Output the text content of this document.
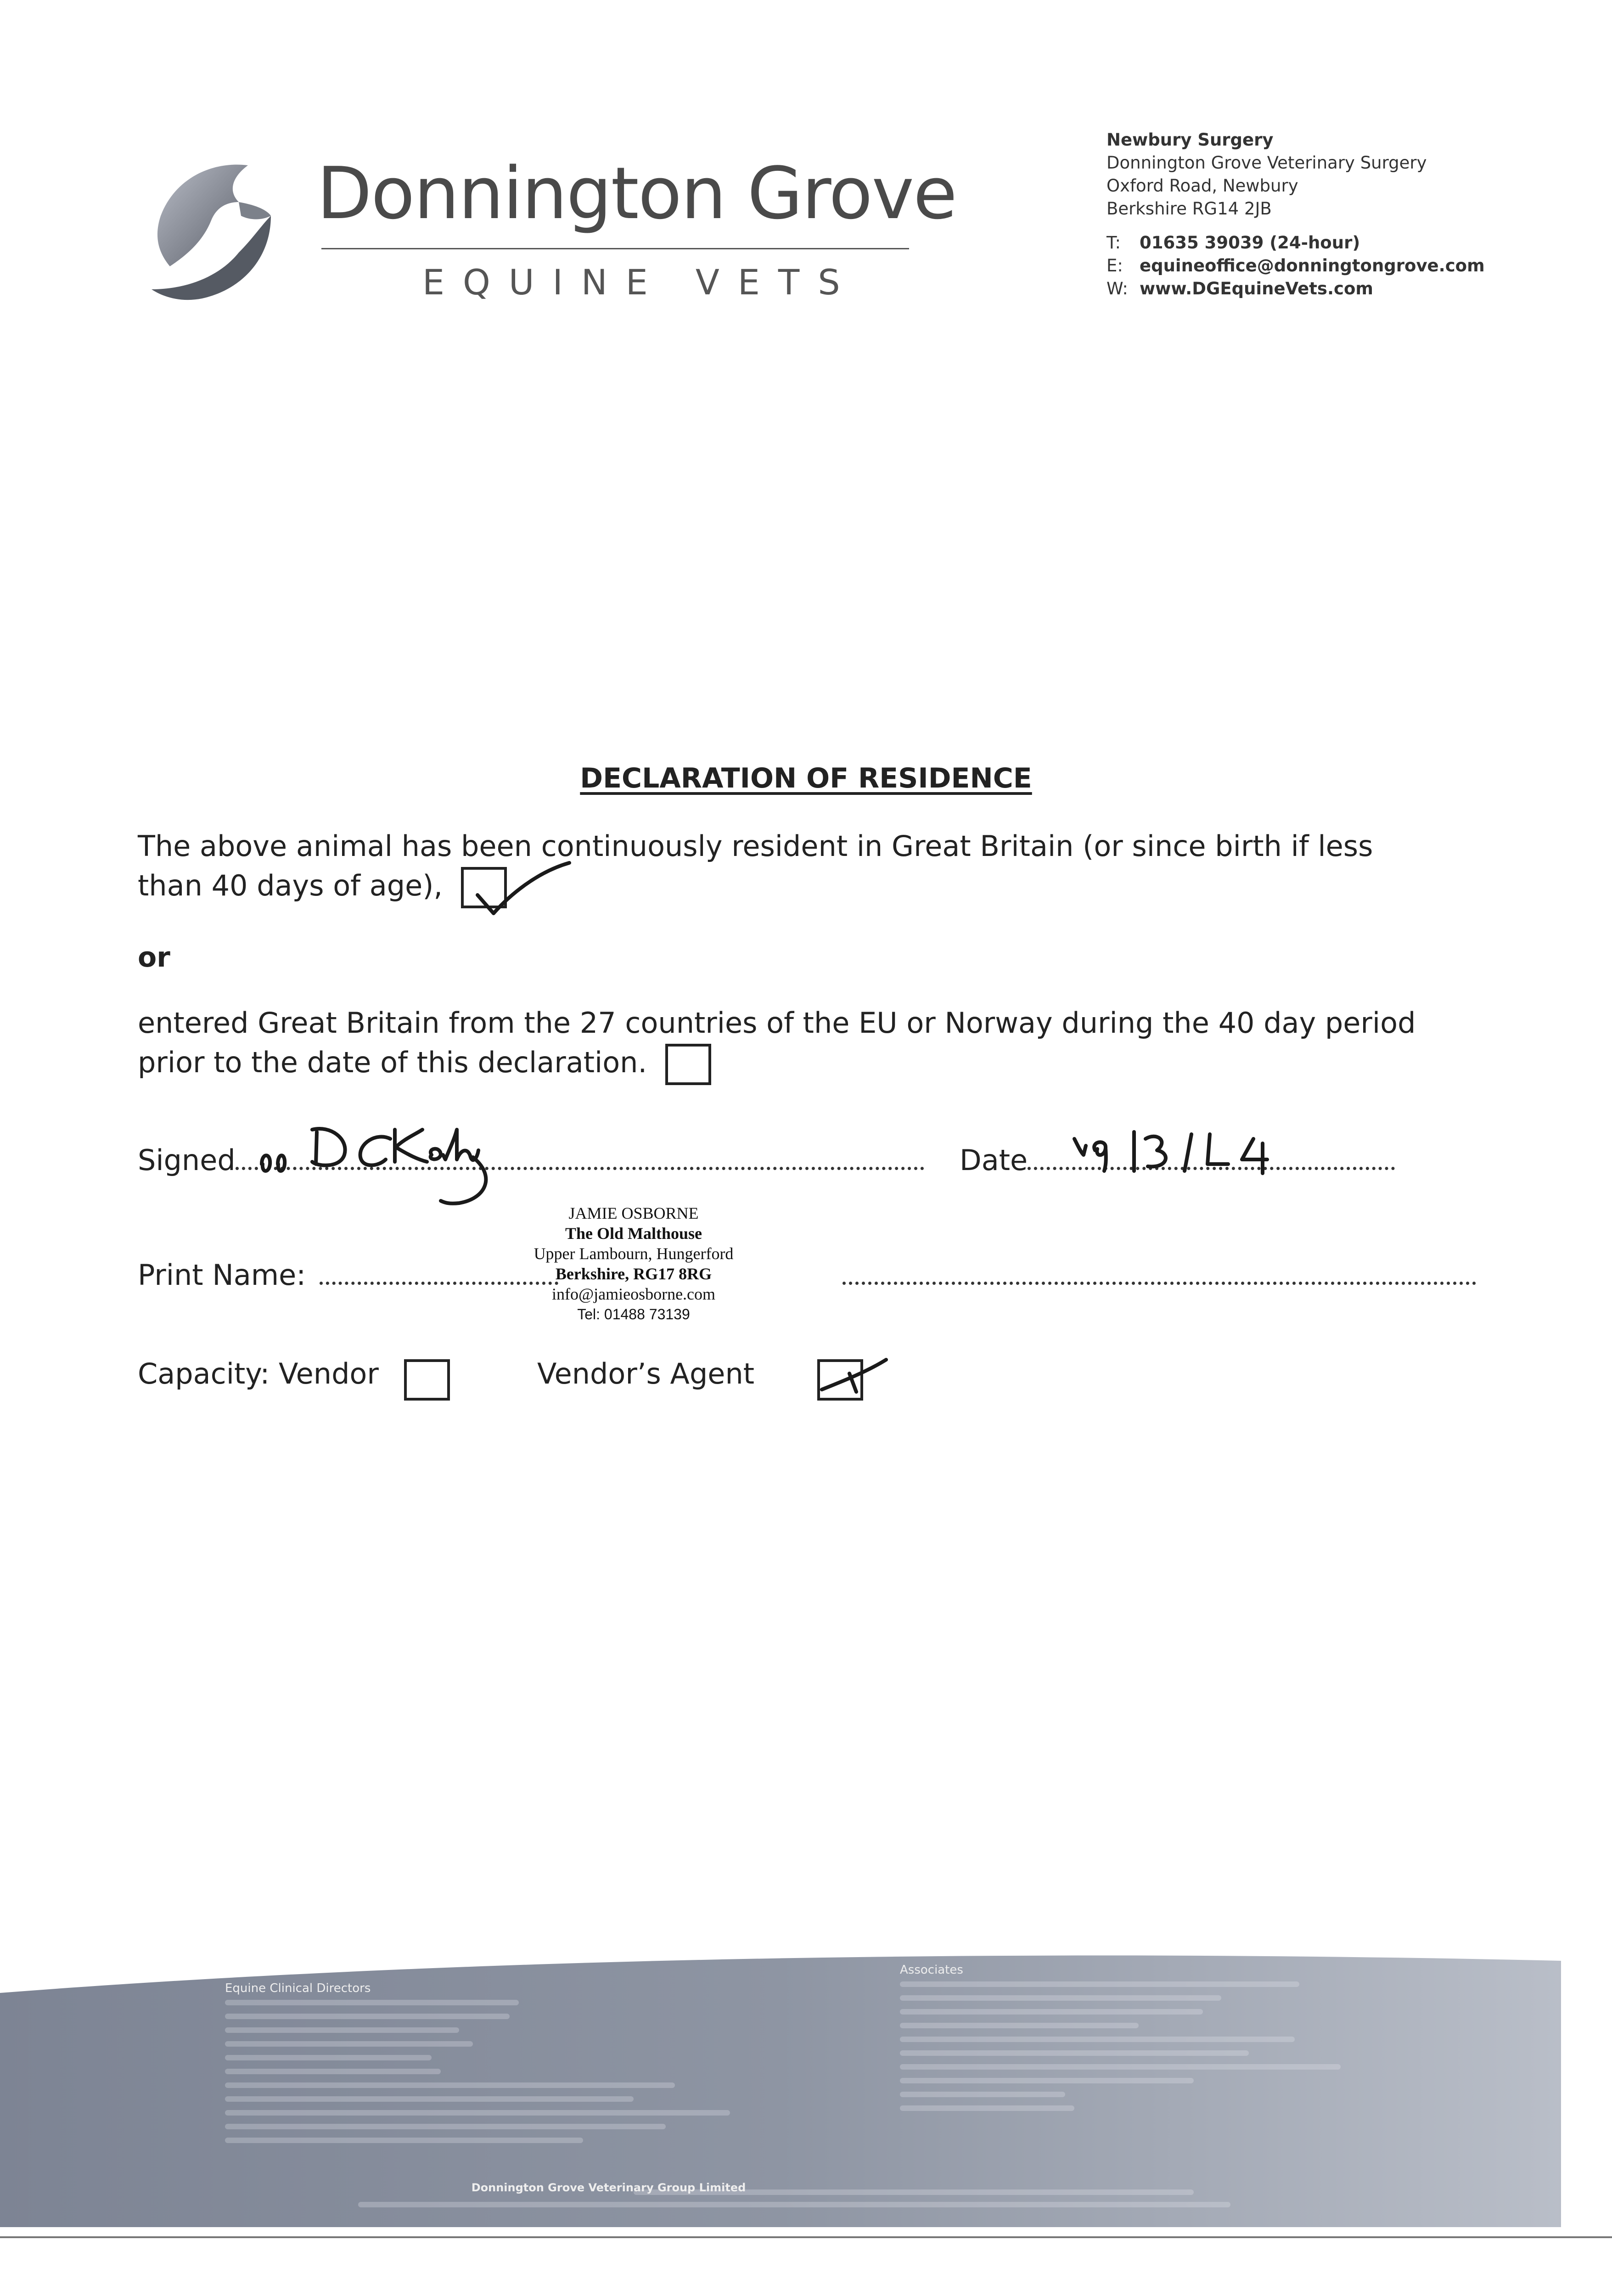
Donnington Grove
EQUINE VETS
Newbury Surgery
Donnington Grove Veterinary Surgery
Oxford Road, Newbury
Berkshire RG14 2JB
T: 01635 39039 (24-hour)
E: equineoffice@donningtongrove.com
W: www.DGEquineVets.com
DECLARATION OF RESIDENCE
The above animal has been continuously resident in Great Britain (or since birth if less than 40 days of age),
or
entered Great Britain from the 27 countries of the EU or Norway during the 40 day period prior to the date of this declaration.
Signed	Date
Print Name:
JAMIE OSBORNE
The Old Malthouse
Upper Lambourn, Hungerford
Berkshire, RG17 8RG
info@jamieosborne.com
Tel: 01488 73139
Capacity: Vendor
	Vendor’s Agent
Equine Clinical Directors
Associates
Donnington Grove Veterinary Group Limited
